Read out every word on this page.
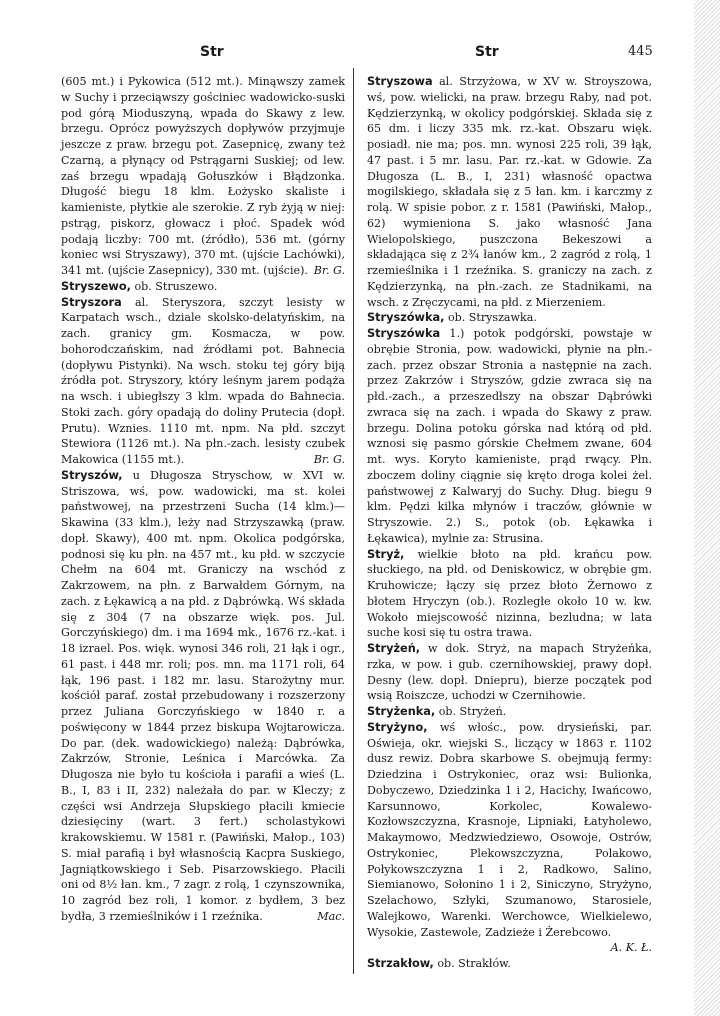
Str	Str	445

(605 mt.) i Pykowica (512 mt.). Minąwszy zamek w Suchy i przeciąwszy gościniec wadowicko-suski pod górą Mioduszyną, wpada do Skawy z lew. brzegu. Oprócz powyższych dopływów przyjmuje jeszcze z praw. brzegu pot. Zasepnicę, zwany też Czarną, a płynący od Pstrągarni Suskiej; od lew. zaś brzegu wpadają Gołuszków i Błądzonka. Długość biegu 18 klm. Łożysko skaliste i kamieniste, płytkie ale szerokie. Z ryb żyją w niej: pstrąg, piskorz, głowacz i płoć. Spadek wód podają liczby: 700 mt. (źródło), 536 mt. (górny koniec wsi Stryszawy), 370 mt. (ujście Lachówki), 341 mt. (ujście Zasepnicy), 330 mt. (ujście). Br. G.

Stryszewo, ob. Struszewo.

Stryszora al. Steryszora, szczyt lesisty w Karpatach wsch., dziale skolsko-delatyńskim, na zach. granicy gm. Kosmacza, w pow. bohorodczańskim, nad źródłami pot. Bahnecia (dopływu Pistynki). Na wsch. stoku tej góry biją źródła pot. Stryszory, który leśnym jarem podąża na wsch. i ubiegłszy 3 klm. wpada do Bahnecia. Stoki zach. góry opadają do doliny Prutecia (dopł. Prutu). Wznies. 1110 mt. npm. Na płd. szczyt Stewiora (1126 mt.). Na płn.-zach. lesisty czubek Makowica (1155 mt.).	Br. G.

Stryszów, u Długosza Stryschow, w XVI w. Striszowa, wś, pow. wadowicki, ma st. kolei państwowej, na przestrzeni Sucha (14 klm.)—Skawina (33 klm.), leży nad Strzyszawką (praw. dopł. Skawy), 400 mt. npm. Okolica podgórska, podnosi się ku płn. na 457 mt., ku płd. w szczycie Chełm na 604 mt. Graniczy na wschód z Zakrzowem, na płn. z Barwałdem Górnym, na zach. z Łękawicą a na płd. z Dąbrówką. Wś składa się z 304 (7 na obszarze więk. pos. Jul. Gorczyńskiego) dm. i ma 1694 mk., 1676 rz.-kat. i 18 izrael. Pos. więk. wynosi 346 roli, 21 łąk i ogr., 61 past. i 448 mr. roli; pos. mn. ma 1171 roli, 64 łąk, 196 past. i 182 mr. lasu. Starożytny mur. kościół paraf. został przebudowany i rozszerzony przez Juliana Gorczyńskiego w 1840 r. a poświęcony w 1844 przez biskupa Wojtarowicza. Do par. (dek. wadowickiego) należą: Dąbrówka, Zakrzów, Stronie, Leśnica i Marcówka. Za Długosza nie było tu kościoła i parafii a wieś (L. B., I, 83 i II, 232) należała do par. w Kleczy; z części wsi Andrzeja Słupskiego płacili kmiecie dziesięciny (wart. 3 fert.) scholastykowi krakowskiemu. W 1581 r. (Pawiński, Małop., 103) S. miał parafią i był własnością Kacpra Suskiego, Jagniątkowskiego i Seb. Pisarzowskiego. Płacili oni od 8½ łan. km., 7 zagr. z rolą, 1 czynszownika, 10 zagród bez roli, 1 komor. z bydłem, 3 bez bydła, 3 rzemieślników i 1 rzeźnika.	Mac.

Stryszowa al. Strzyżowa, w XV w. Stroyszowa, wś, pow. wielicki, na praw. brzegu Raby, nad pot. Kędzierzynką, w okolicy podgórskiej. Składa się z 65 dm. i liczy 335 mk. rz.-kat. Obszaru więk. posiadł. nie ma; pos. mn. wynosi 225 roli, 39 łąk, 47 past. i 5 mr. lasu. Par. rz.-kat. w Gdowie. Za Długosza (L. B., I, 231) własność opactwa mogilskiego, składała się z 5 łan. km. i karczmy z rolą. W spisie pobor. z r. 1581 (Pawiński, Małop., 62) wymieniona S. jako własność Jana Wielopolskiego, puszczona Bekeszowi a składająca się z 2¾ łanów km., 2 zagród z rolą, 1 rzemieślnika i 1 rzeźnika. S. graniczy na zach. z Kędzierzynką, na płn.-zach. ze Stadnikami, na wsch. z Zręczycami, na płd. z Mierzeniem.

Stryszówka, ob. Stryszawka.

Stryszówka 1.) potok podgórski, powstaje w obrębie Stronia, pow. wadowicki, płynie na płn.-zach. przez obszar Stronia a następnie na zach. przez Zakrzów i Stryszów, gdzie zwraca się na płd.-zach., a przeszedłszy na obszar Dąbrówki zwraca się na zach. i wpada do Skawy z praw. brzegu. Dolina potoku górska nad którą od płd. wznosi się pasmo górskie Chełmem zwane, 604 mt. wys. Koryto kamieniste, prąd rwący. Płn. zboczem doliny ciągnie się kręto droga kolei żel. państwowej z Kalwaryj do Suchy. Dług. biegu 9 klm. Pędzi kilka młynów i traczów, głównie w Stryszowie. 2.) S., potok (ob. Łękawka i Łękawica), mylnie za: Strusina.

Stryż, wielkie błoto na płd. krańcu pow. słuckiego, na płd. od Deniskowicz, w obrębie gm. Kruhowicze; łączy się przez błoto Żernowo z błotem Hryczyn (ob.). Rozległe około 10 w. kw. Wokoło miejscowość nizinna, bezludna; w lata suche kosi się tu ostra trawa.

Stryżeń, w dok. Stryż, na mapach Stryżeńka, rzka, w pow. i gub. czernihowskiej, prawy dopł. Desny (lew. dopł. Dniepru), bierze początek pod wsią Roiszcze, uchodzi w Czernihowie.

Stryżenka, ob. Stryżeń.

Stryżyno, wś włośc., pow. drysieński, par. Oświeja, okr. wiejski S., liczący w 1863 r. 1102 dusz rewiz. Dobra skarbowe S. obejmują fermy: Dziedzina i Ostrykoniec, oraz wsi: Bulionka, Dobyczewo, Dziedzinka 1 i 2, Hacichy, Iwańcowo, Karsunnowo, Korkolec, Kowalewo-Kozłowszczyzna, Krasnoje, Lipniaki, Łatyholewo, Makaymowo, Medzwiedziewo, Osowoje, Ostrów, Ostrykoniec, Plekowszczyzna, Polakowo, Połykowszczyzna 1 i 2, Radkowo, Salino, Siemianowo, Sołonino 1 i 2, Siniczyno, Stryżyno, Szelachowo, Szłyki, Szumanowo, Starosiele, Walejkowo, Warenki. Werchowce, Wielkielewo, Wysokie, Zastewole, Zadzieże i Żerebcowo.
A. K. Ł.

Strzakłow, ob. Strakłów.
